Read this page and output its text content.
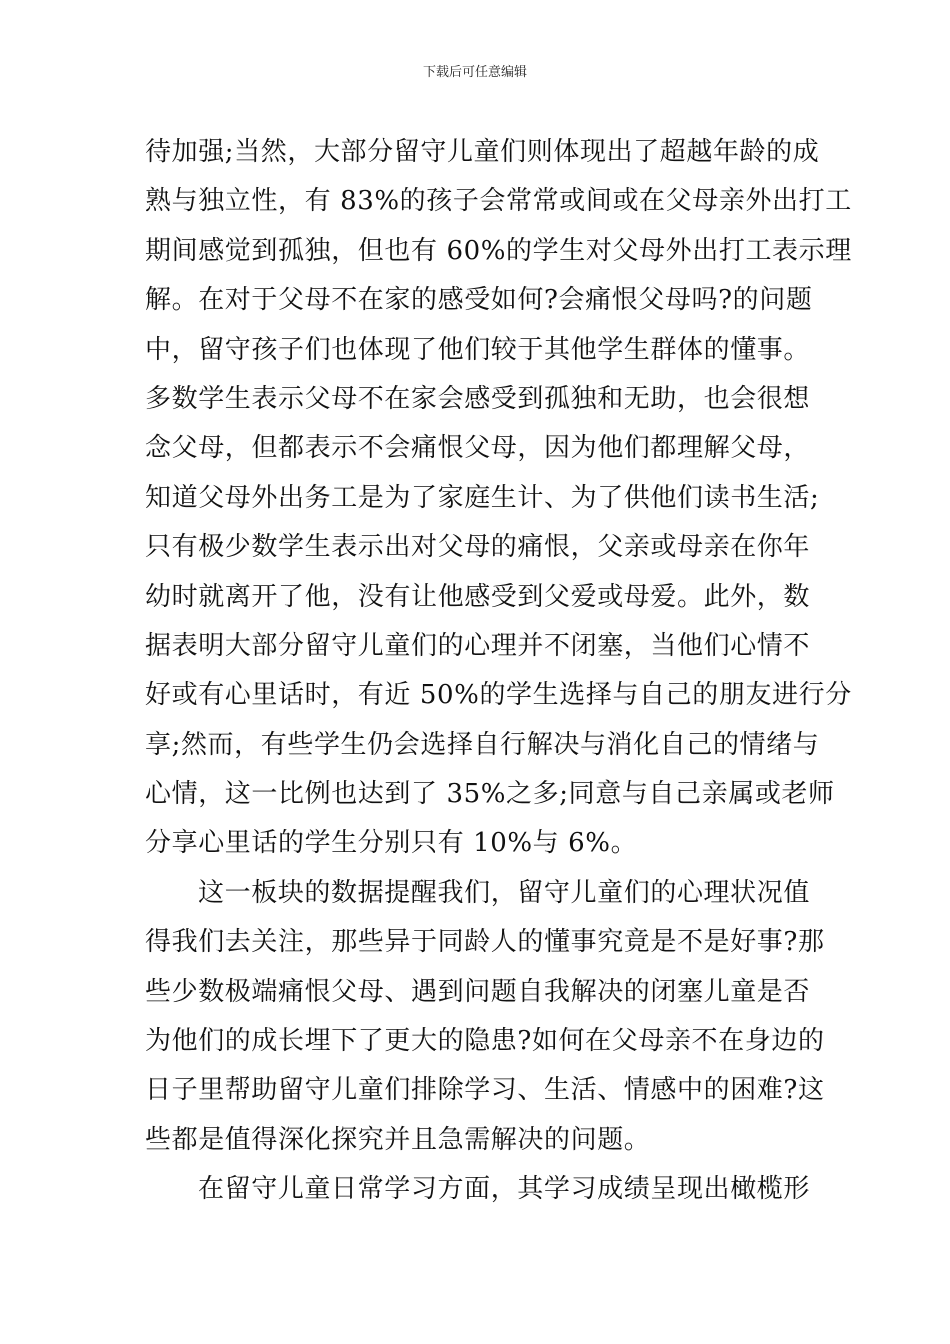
下载后可任意编辑
待加强;当然，大部分留守儿童们则体现出了超越年龄的成
熟与独立性，有 83%的孩子会常常或间或在父母亲外出打工
期间感觉到孤独，但也有 60%的学生对父母外出打工表示理
解。在对于父母不在家的感受如何?会痛恨父母吗?的问题
中，留守孩子们也体现了他们较于其他学生群体的懂事。
多数学生表示父母不在家会感受到孤独和无助，也会很想
念父母，但都表示不会痛恨父母，因为他们都理解父母，
知道父母外出务工是为了家庭生计、为了供他们读书生活;
只有极少数学生表示出对父母的痛恨，父亲或母亲在你年
幼时就离开了他，没有让他感受到父爱或母爱。此外，数
据表明大部分留守儿童们的心理并不闭塞，当他们心情不
好或有心里话时，有近 50%的学生选择与自己的朋友进行分
享;然而，有些学生仍会选择自行解决与消化自己的情绪与
心情，这一比例也达到了 35%之多;同意与自己亲属或老师
分享心里话的学生分别只有 10%与 6%。
这一板块的数据提醒我们，留守儿童们的心理状况值
得我们去关注，那些异于同龄人的懂事究竟是不是好事?那
些少数极端痛恨父母、遇到问题自我解决的闭塞儿童是否
为他们的成长埋下了更大的隐患?如何在父母亲不在身边的
日子里帮助留守儿童们排除学习、生活、情感中的困难?这
些都是值得深化探究并且急需解决的问题。
在留守儿童日常学习方面，其学习成绩呈现出橄榄形
